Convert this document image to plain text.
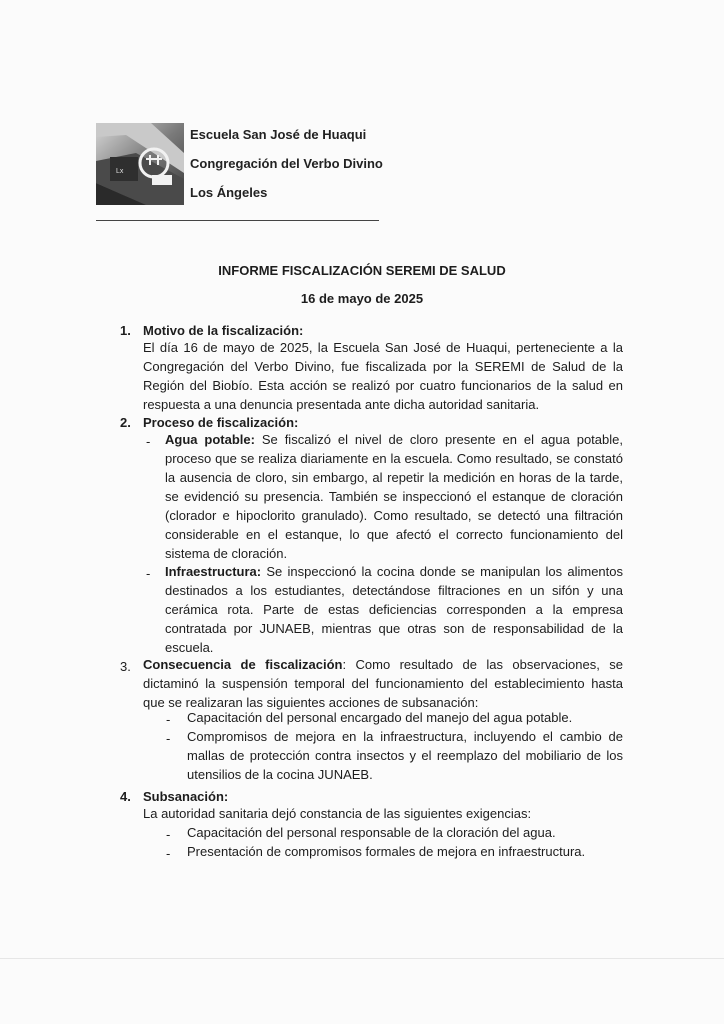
Lx
Escuela San José de Huaqui
Congregación del Verbo Divino
Los Ángeles
INFORME FISCALIZACIÓN SEREMI DE SALUD
16 de mayo de 2025
1. Motivo de la fiscalización:

El día 16 de mayo de 2025, la Escuela San José de Huaqui, perteneciente a la Congregación del Verbo Divino, fue fiscalizada por la SEREMI de Salud de la Región del Biobío. Esta acción se realizó por cuatro funcionarios de la salud en respuesta a una denuncia presentada ante dicha autoridad sanitaria.

2. Proceso de fiscalización:
- Agua potable: Se fiscalizó el nivel de cloro presente en el agua potable, proceso que se realiza diariamente en la escuela. Como resultado, se constató la ausencia de cloro, sin embargo, al repetir la medición en horas de la tarde, se evidenció su presencia. También se inspeccionó el estanque de cloración (clorador e hipoclorito granulado). Como resultado, se detectó una filtración considerable en el estanque, lo que afectó el correcto funcionamiento del sistema de cloración.

- Infraestructura: Se inspeccionó la cocina donde se manipulan los alimentos destinados a los estudiantes, detectándose filtraciones en un sifón y una cerámica rota. Parte de estas deficiencias corresponden a la empresa contratada por JUNAEB, mientras que otras son de responsabilidad de la escuela.

3. Consecuencia de fiscalización: Como resultado de las observaciones, se dictaminó la suspensión temporal del funcionamiento del establecimiento hasta que se realizaran las siguientes acciones de subsanación:

- Capacitación del personal encargado del manejo del agua potable.

- Compromisos de mejora en la infraestructura, incluyendo el cambio de mallas de protección contra insectos y el reemplazo del mobiliario de los utensilios de la cocina JUNAEB.

4. Subsanación:

La autoridad sanitaria dejó constancia de las siguientes exigencias:

- Capacitación del personal responsable de la cloración del agua.

- Presentación de compromisos formales de mejora en infraestructura.
